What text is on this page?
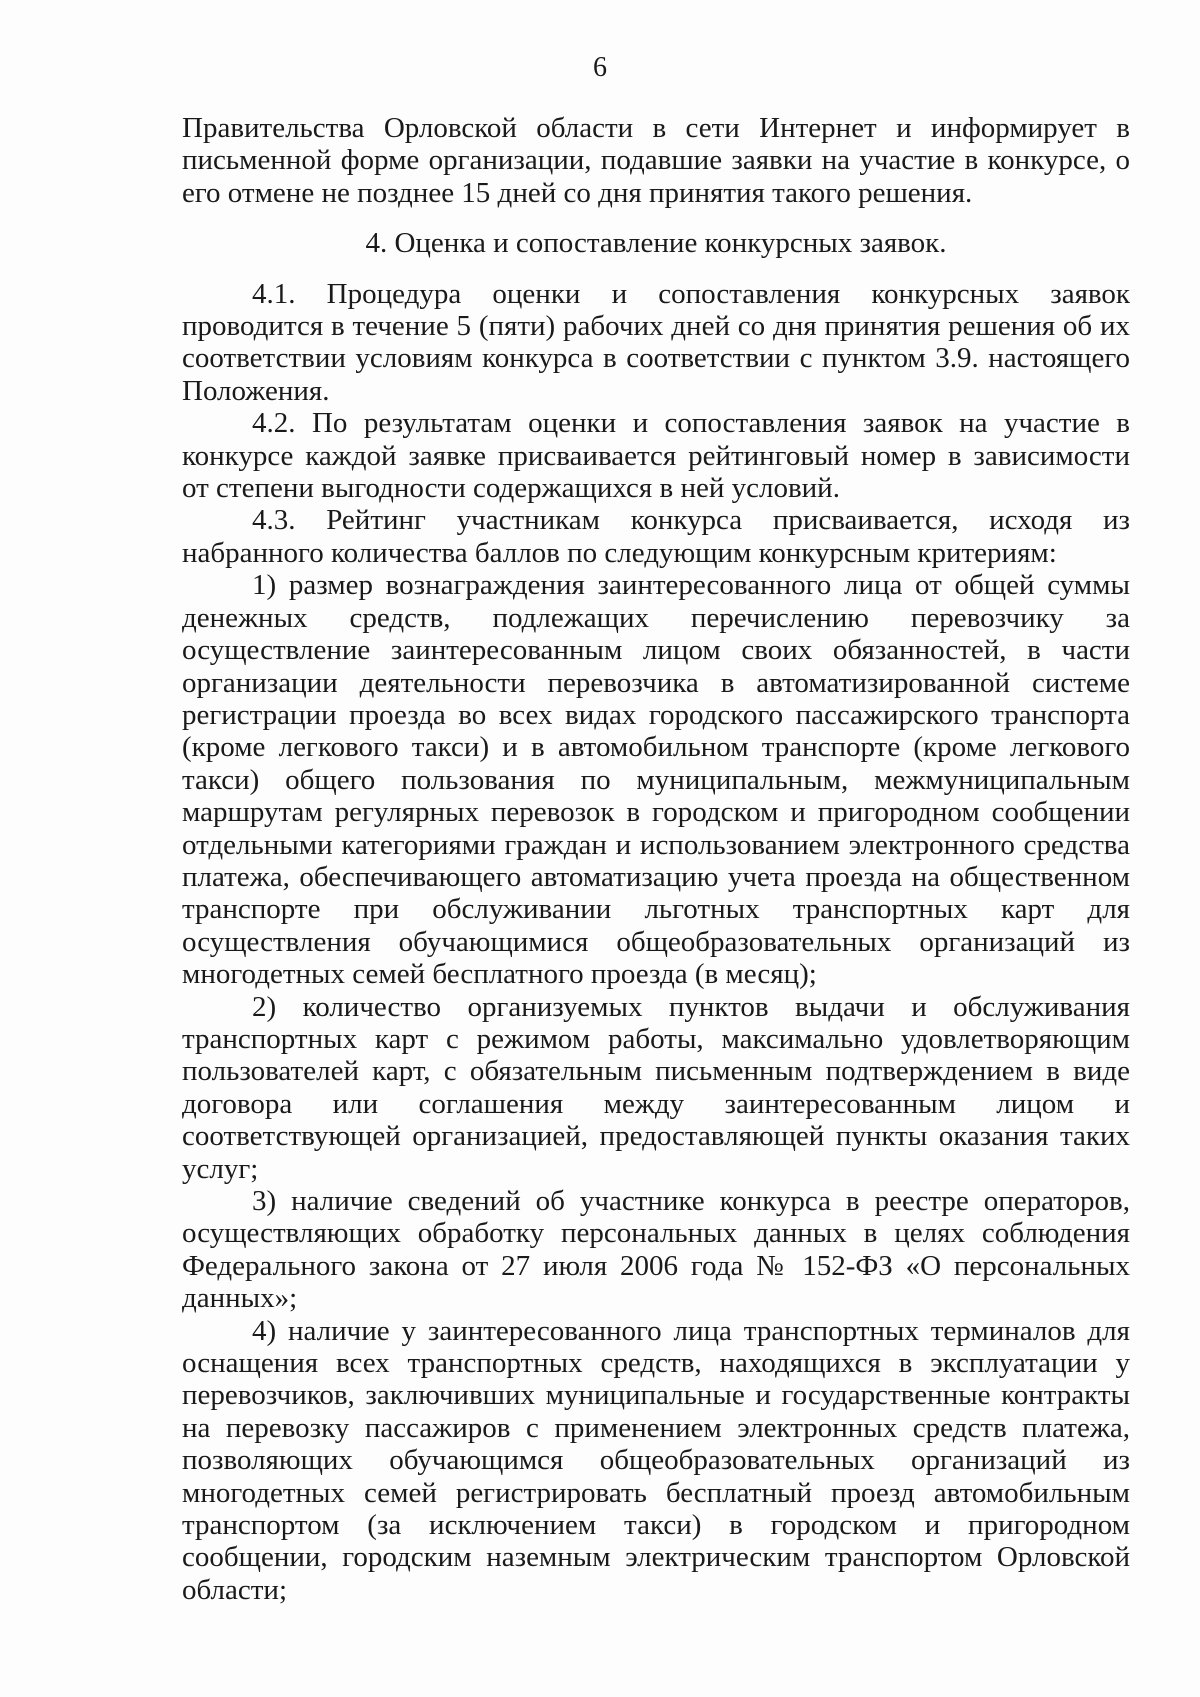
6

Правительства Орловской области в сети Интернет и информирует в письменной форме организации, подавшие заявки на участие в конкурсе, о его отмене не позднее 15 дней со дня принятия такого решения.

4. Оценка и сопоставление конкурсных заявок.

4.1. Процедура оценки и сопоставления конкурсных заявок проводится в течение 5 (пяти) рабочих дней со дня принятия решения об их соответствии условиям конкурса в соответствии с пунктом 3.9. настоящего Положения.

4.2. По результатам оценки и сопоставления заявок на участие в конкурсе каждой заявке присваивается рейтинговый номер в зависимости от степени выгодности содержащихся в ней условий.

4.3. Рейтинг участникам конкурса присваивается, исходя из набранного количества баллов по следующим конкурсным критериям:

1) размер вознаграждения заинтересованного лица от общей суммы денежных средств, подлежащих перечислению перевозчику за осуществление заинтересованным лицом своих обязанностей, в части организации деятельности перевозчика в автоматизированной системе регистрации проезда во всех видах городского пассажирского транспорта (кроме легкового такси) и в автомобильном транспорте (кроме легкового такси) общего пользования по муниципальным, межмуниципальным маршрутам регулярных перевозок в городском и пригородном сообщении отдельными категориями граждан и использованием электронного средства платежа, обеспечивающего автоматизацию учета проезда на общественном транспорте при обслуживании льготных транспортных карт для осуществления обучающимися общеобразовательных организаций из многодетных семей бесплатного проезда (в месяц);

2) количество организуемых пунктов выдачи и обслуживания транспортных карт с режимом работы, максимально удовлетворяющим пользователей карт, с обязательным письменным подтверждением в виде договора или соглашения между заинтересованным лицом и соответствующей организацией, предоставляющей пункты оказания таких услуг;

3) наличие сведений об участнике конкурса в реестре операторов, осуществляющих обработку персональных данных в целях соблюдения Федерального закона от 27 июля 2006 года № 152-ФЗ «О персональных данных»;

4) наличие у заинтересованного лица транспортных терминалов для оснащения всех транспортных средств, находящихся в эксплуатации у перевозчиков, заключивших муниципальные и государственные контракты на перевозку пассажиров с применением электронных средств платежа, позволяющих обучающимся общеобразовательных организаций из многодетных семей регистрировать бесплатный проезд автомобильным транспортом (за исключением такси) в городском и пригородном сообщении, городским наземным электрическим транспортом Орловской области;
